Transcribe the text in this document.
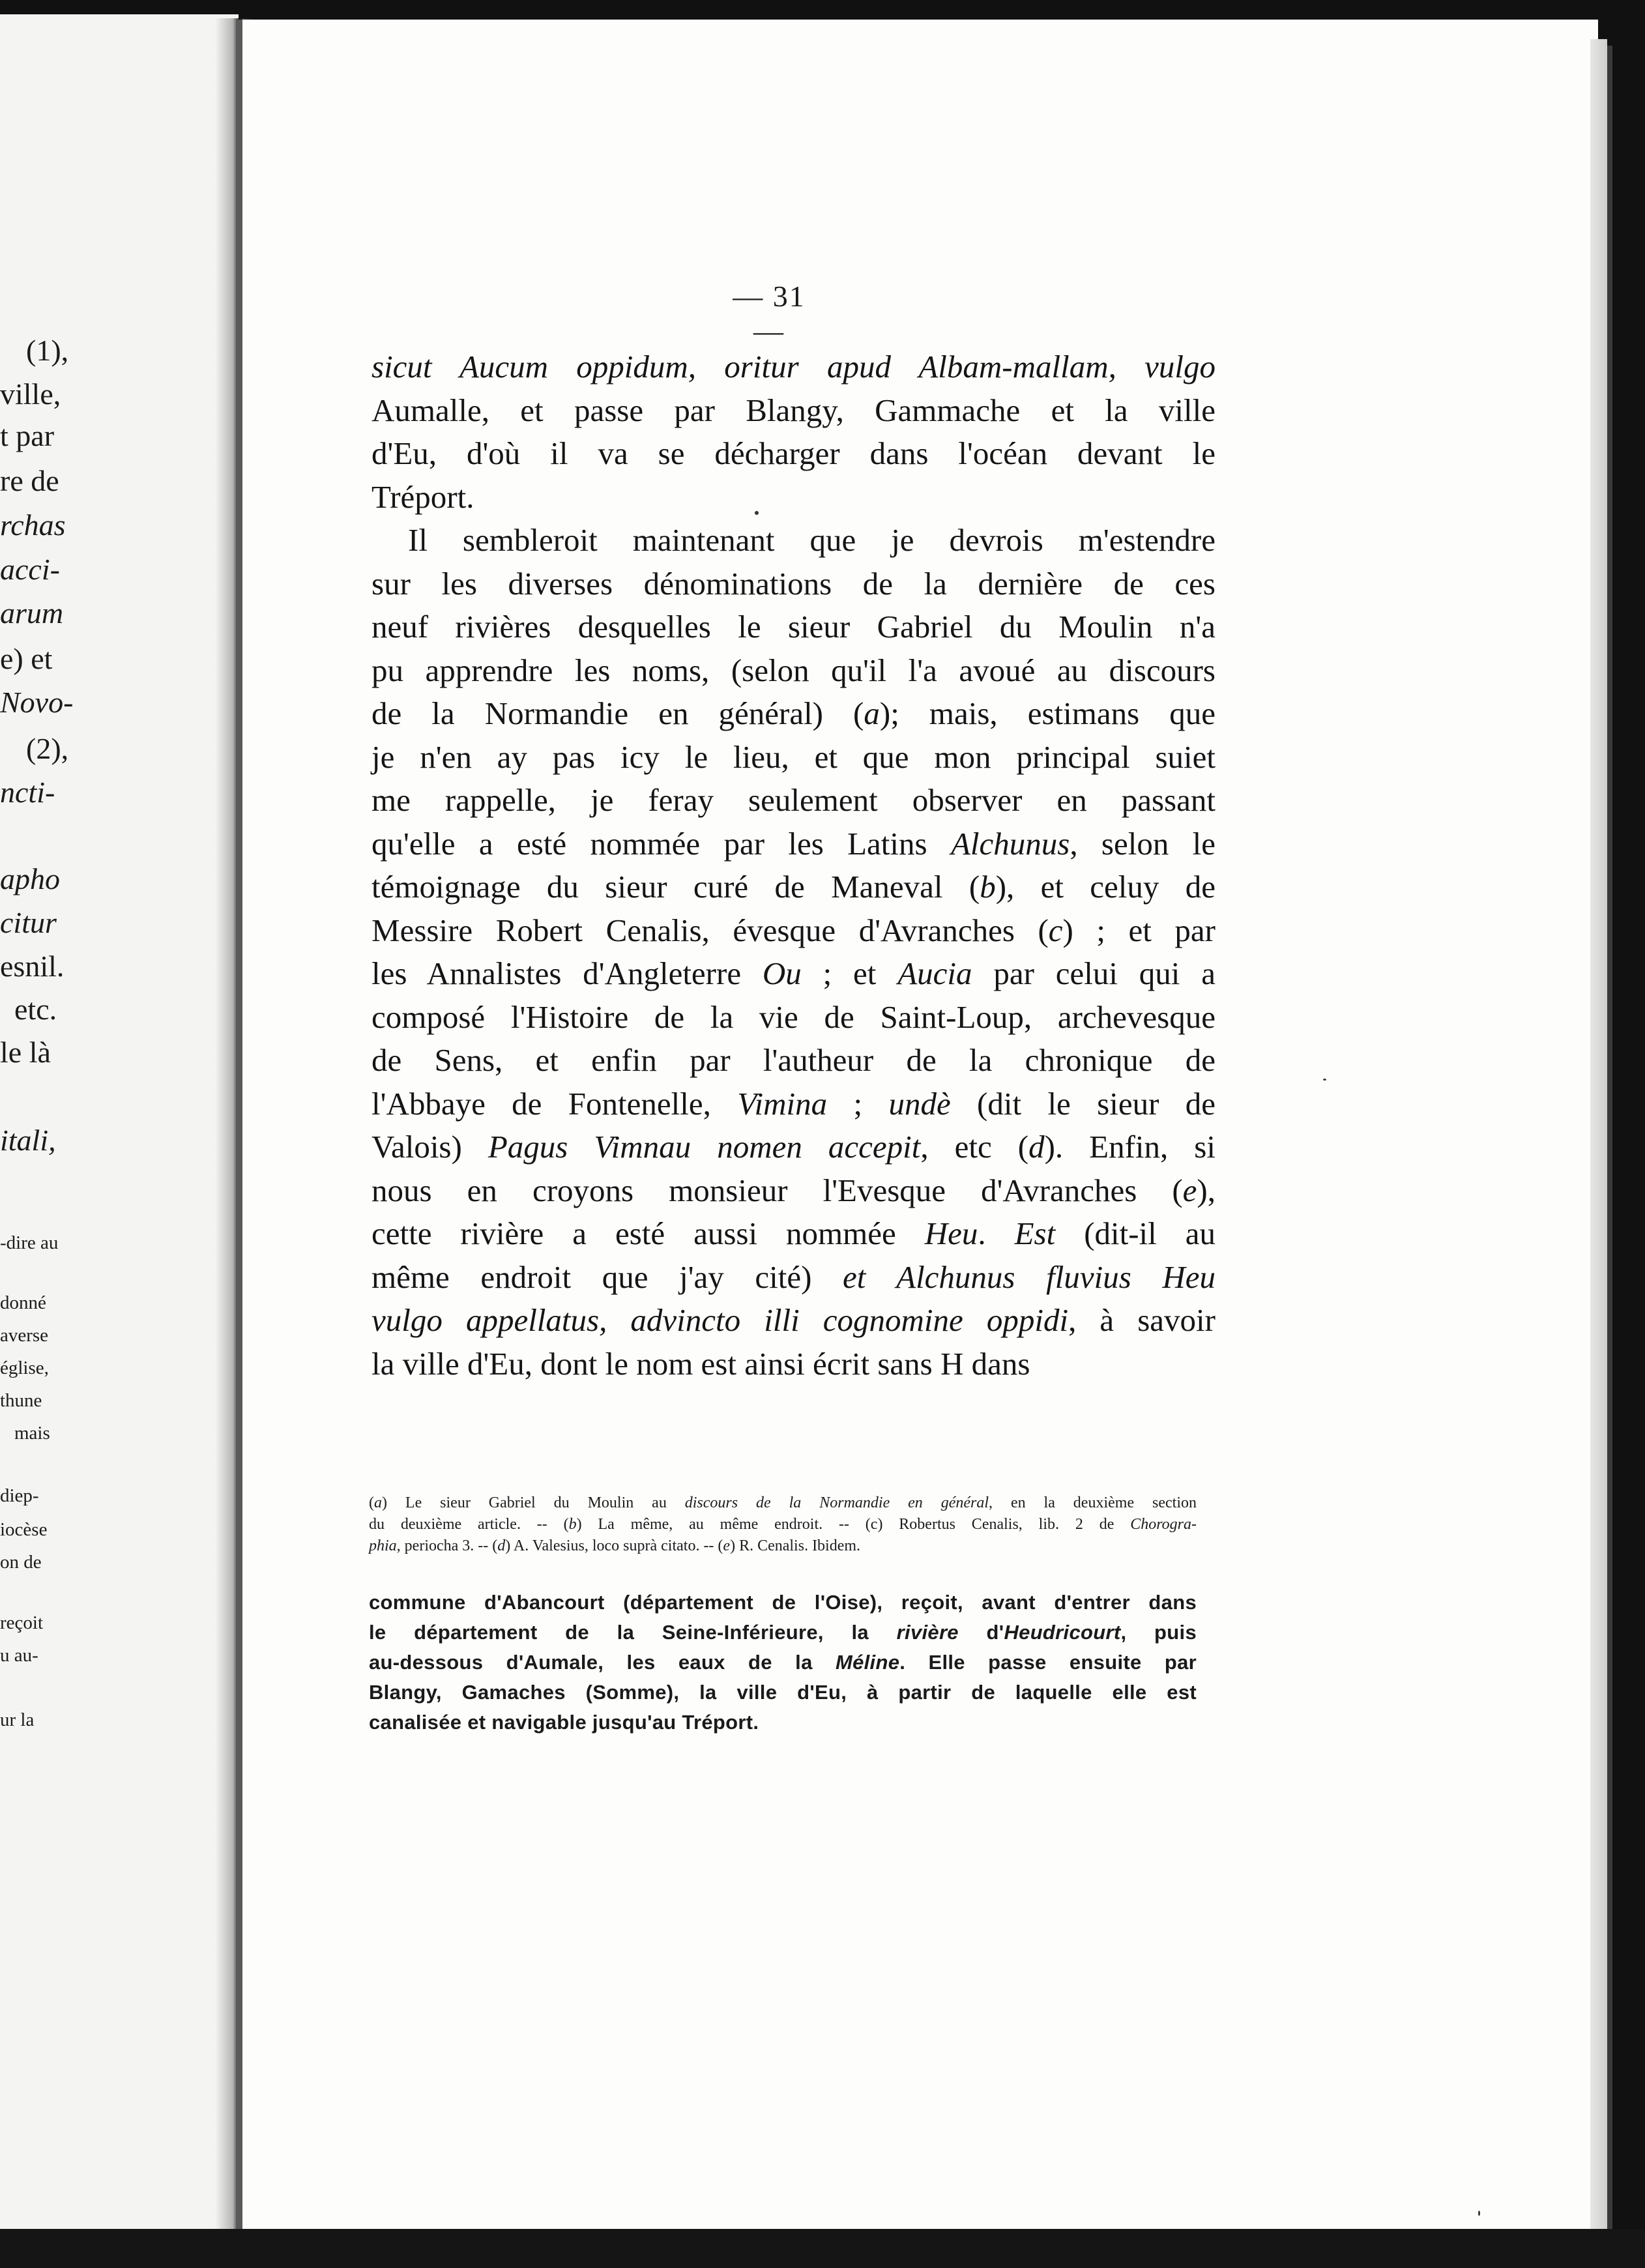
(1),
ville,
t par
re de
rchas
acci-
arum
e) et
Novo-
(2),
ncti-
apho
citur
esnil.
etc.
le là
itali,
-dire au
donné
averse
église,
thune
mais
diep-
iocèse
on de
reçoit
u au-
ur la
— 31 —
sicut Aucum oppidum, oritur apud Albam-mallam, vulgo
Aumalle, et passe par Blangy, Gammache et la ville
d'Eu, d'où il va se décharger dans l'océan devant le
Tréport.
Il sembleroit maintenant que je devrois m'estendre
sur les diverses dénominations de la dernière de ces
neuf rivières desquelles le sieur Gabriel du Moulin n'a
pu apprendre les noms, (selon qu'il l'a avoué au discours
de la Normandie en général) (a); mais, estimans que
je n'en ay pas icy le lieu, et que mon principal suiet
me rappelle, je feray seulement observer en passant
qu'elle a esté nommée par les Latins Alchunus, selon le
témoignage du sieur curé de Maneval (b), et celuy de
Messire Robert Cenalis, évesque d'Avranches (c) ; et par
les Annalistes d'Angleterre Ou ; et Aucia par celui qui a
composé l'Histoire de la vie de Saint-Loup, archevesque
de Sens, et enfin par l'autheur de la chronique de
l'Abbaye de Fontenelle, Vimina ; undè (dit le sieur de
Valois) Pagus Vimnau nomen accepit, etc (d). Enfin, si
nous en croyons monsieur l'Evesque d'Avranches (e),
cette rivière a esté aussi nommée Heu. Est (dit-il au
même endroit que j'ay cité) et Alchunus fluvius Heu
vulgo appellatus, advincto illi cognomine oppidi, à savoir
la ville d'Eu, dont le nom est ainsi écrit sans H dans
(a) Le sieur Gabriel du Moulin au discours de la Normandie en général, en la deuxième section
du deuxième article. -- (b) La même, au même endroit. -- (c) Robertus Cenalis, lib. 2 de Chorogra-
phia, periocha 3. -- (d) A. Valesius, loco suprà citato. -- (e) R. Cenalis. Ibidem.
commune d'Abancourt (département de l'Oise), reçoit, avant d'entrer dans
le département de la Seine-Inférieure, la rivière d'Heudricourt, puis
au-dessous d'Aumale, les eaux de la Méline. Elle passe ensuite par
Blangy, Gamaches (Somme), la ville d'Eu, à partir de laquelle elle est
canalisée et navigable jusqu'au Tréport.
